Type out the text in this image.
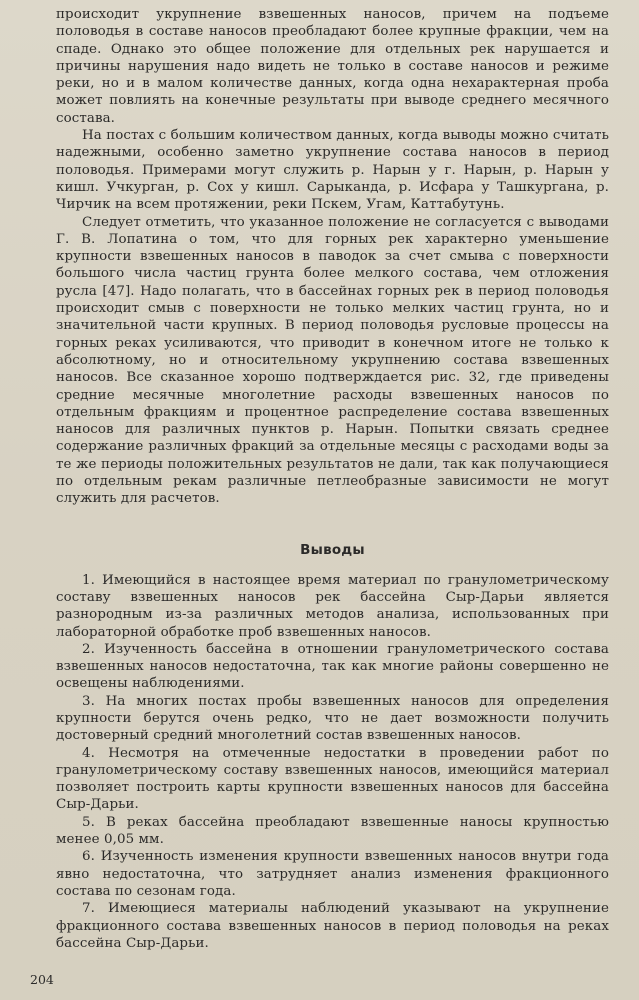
происходит укрупнение взвешенных наносов, причем на подъеме половодья в составе наносов преобладают более крупные фракции, чем на спаде. Однако это общее положение для отдельных рек нарушается и причины нарушения надо видеть не только в составе наносов и режиме реки, но и в малом количестве данных, когда одна нехарактерная проба может повлиять на конечные результаты при выводе среднего месячного состава.

На постах с большим количеством данных, когда выводы можно считать надежными, особенно заметно укрупнение состава наносов в период половодья. Примерами могут служить р. Нарын у г. Нарын, р. Нарын у кишл. Учкурган, р. Сох у кишл. Сарыканда, р. Исфара у Ташкургана, р. Чирчик на всем протяжении, реки Пскем, Угам, Каттабутунь.

Следует отметить, что указанное положение не согласуется с выводами Г. В. Лопатина о том, что для горных рек характерно уменьшение крупности взвешенных наносов в паводок за счет смыва с поверхности большого числа частиц грунта более мелкого состава, чем отложения русла [47]. Надо полагать, что в бассейнах горных рек в период половодья происходит смыв с поверхности не только мелких частиц грунта, но и значительной части крупных. В период половодья русловые процессы на горных реках усиливаются, что приводит в конечном итоге не только к абсолютному, но и относительному укрупнению состава взвешенных наносов. Все сказанное хорошо подтверждается рис. 32, где приведены средние месячные многолетние расходы взвешенных наносов по отдельным фракциям и процентное распределение состава взвешенных наносов для различных пунктов р. Нарын. Попытки связать среднее содержание различных фракций за отдельные месяцы с расходами воды за те же периоды положительных результатов не дали, так как получающиеся по отдельным рекам различные петлеобразные зависимости не могут служить для расчетов.

Выводы
1. Имеющийся в настоящее время материал по гранулометрическому составу взвешенных наносов рек бассейна Сыр-Дарьи является разнородным из-за различных методов анализа, использованных при лабораторной обработке проб взвешенных наносов.
2. Изученность бассейна в отношении гранулометрического состава взвешенных наносов недостаточна, так как многие районы совершенно не освещены наблюдениями.
3. На многих постах пробы взвешенных наносов для определения крупности берутся очень редко, что не дает возможности получить достоверный средний многолетний состав взвешенных наносов.
4. Несмотря на отмеченные недостатки в проведении работ по гранулометрическому составу взвешенных наносов, имеющийся материал позволяет построить карты крупности взвешенных наносов для бассейна Сыр-Дарьи.
5. В реках бассейна преобладают взвешенные наносы крупностью менее 0,05 мм.
6. Изученность изменения крупности взвешенных наносов внутри года явно недостаточна, что затрудняет анализ изменения фракционного состава по сезонам года.
7. Имеющиеся материалы наблюдений указывают на укрупнение фракционного состава взвешенных наносов в период половодья на реках бассейна Сыр-Дарьи.
204
